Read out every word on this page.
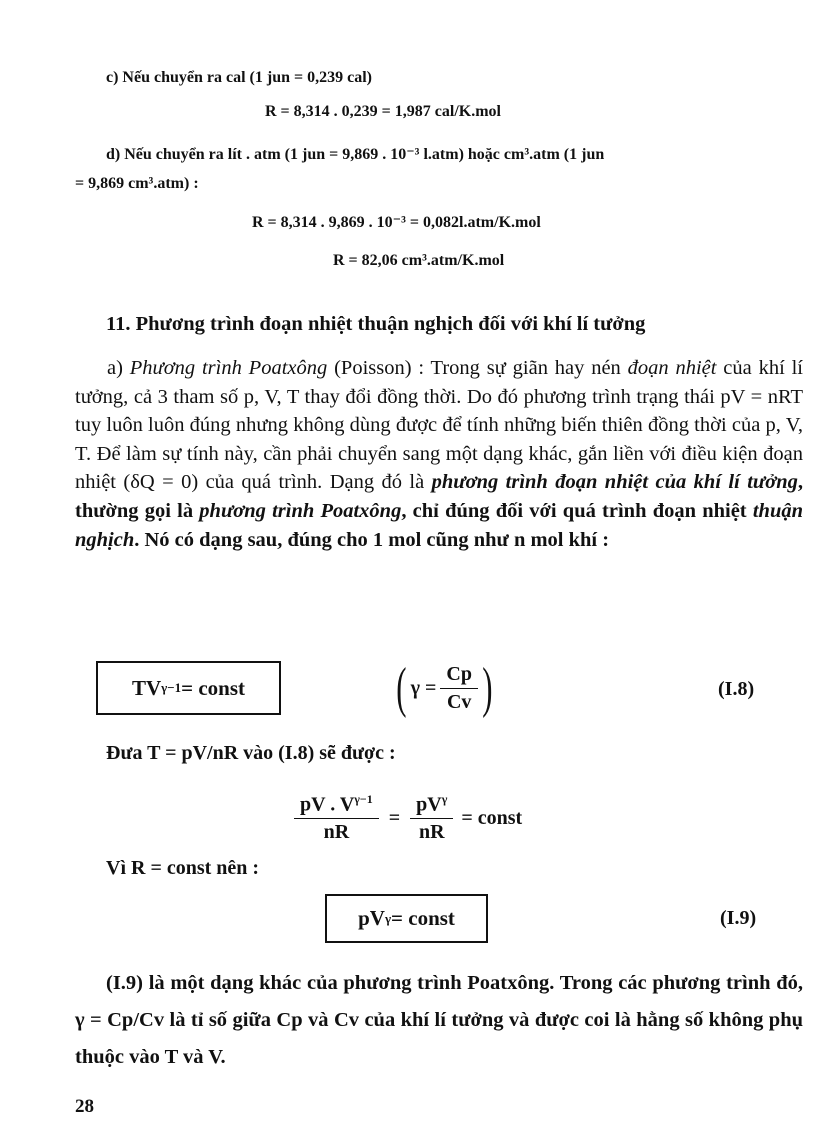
c) Nếu chuyển ra cal (1 jun = 0,239 cal)
R = 8,314 . 0,239 = 1,987 cal/K.mol
d) Nếu chuyển ra lít . atm (1 jun = 9,869 . 10⁻³ l.atm) hoặc cm³.atm (1 jun
= 9,869 cm³.atm) :
R = 8,314 . 9,869 . 10⁻³ = 0,082l.atm/K.mol
R = 82,06 cm³.atm/K.mol
11. Phương trình đoạn nhiệt thuận nghịch đối với khí lí tưởng

a) Phương trình Poatxông (Poisson) : Trong sự giãn hay nén đoạn nhiệt của khí lí tưởng, cả 3 tham số p, V, T thay đổi đồng thời. Do đó phương trình trạng thái pV = nRT tuy luôn luôn đúng nhưng không dùng được để tính những biến thiên đồng thời của p, V, T. Để làm sự tính này, cần phải chuyển sang một dạng khác, gắn liền với điều kiện đoạn nhiệt (δQ = 0) của quá trình. Dạng đó là phương trình đoạn nhiệt của khí lí tưởng, thường gọi là phương trình Poatxông, chỉ đúng đối với quá trình đoạn nhiệt thuận nghịch. Nó có dạng sau, đúng cho 1 mol cũng như n mol khí :

TV γ−1 = const	( $\gamma = \frac{Cp}{Cv}$ )	(I.8)
Đưa T = pV/nR vào (I.8) sẽ được :
$\frac{pV . V^{\gamma-1}}{nR} = \frac{pV^\gamma}{nR}$ = const
Vì R = const nên :
pV γ = const	(I.9)

(I.9) là một dạng khác của phương trình Poatxông. Trong các phương trình đó, γ = Cp/Cv là tỉ số giữa Cp và Cv của khí lí tưởng và được coi là hằng số không phụ thuộc vào T và V.

28
